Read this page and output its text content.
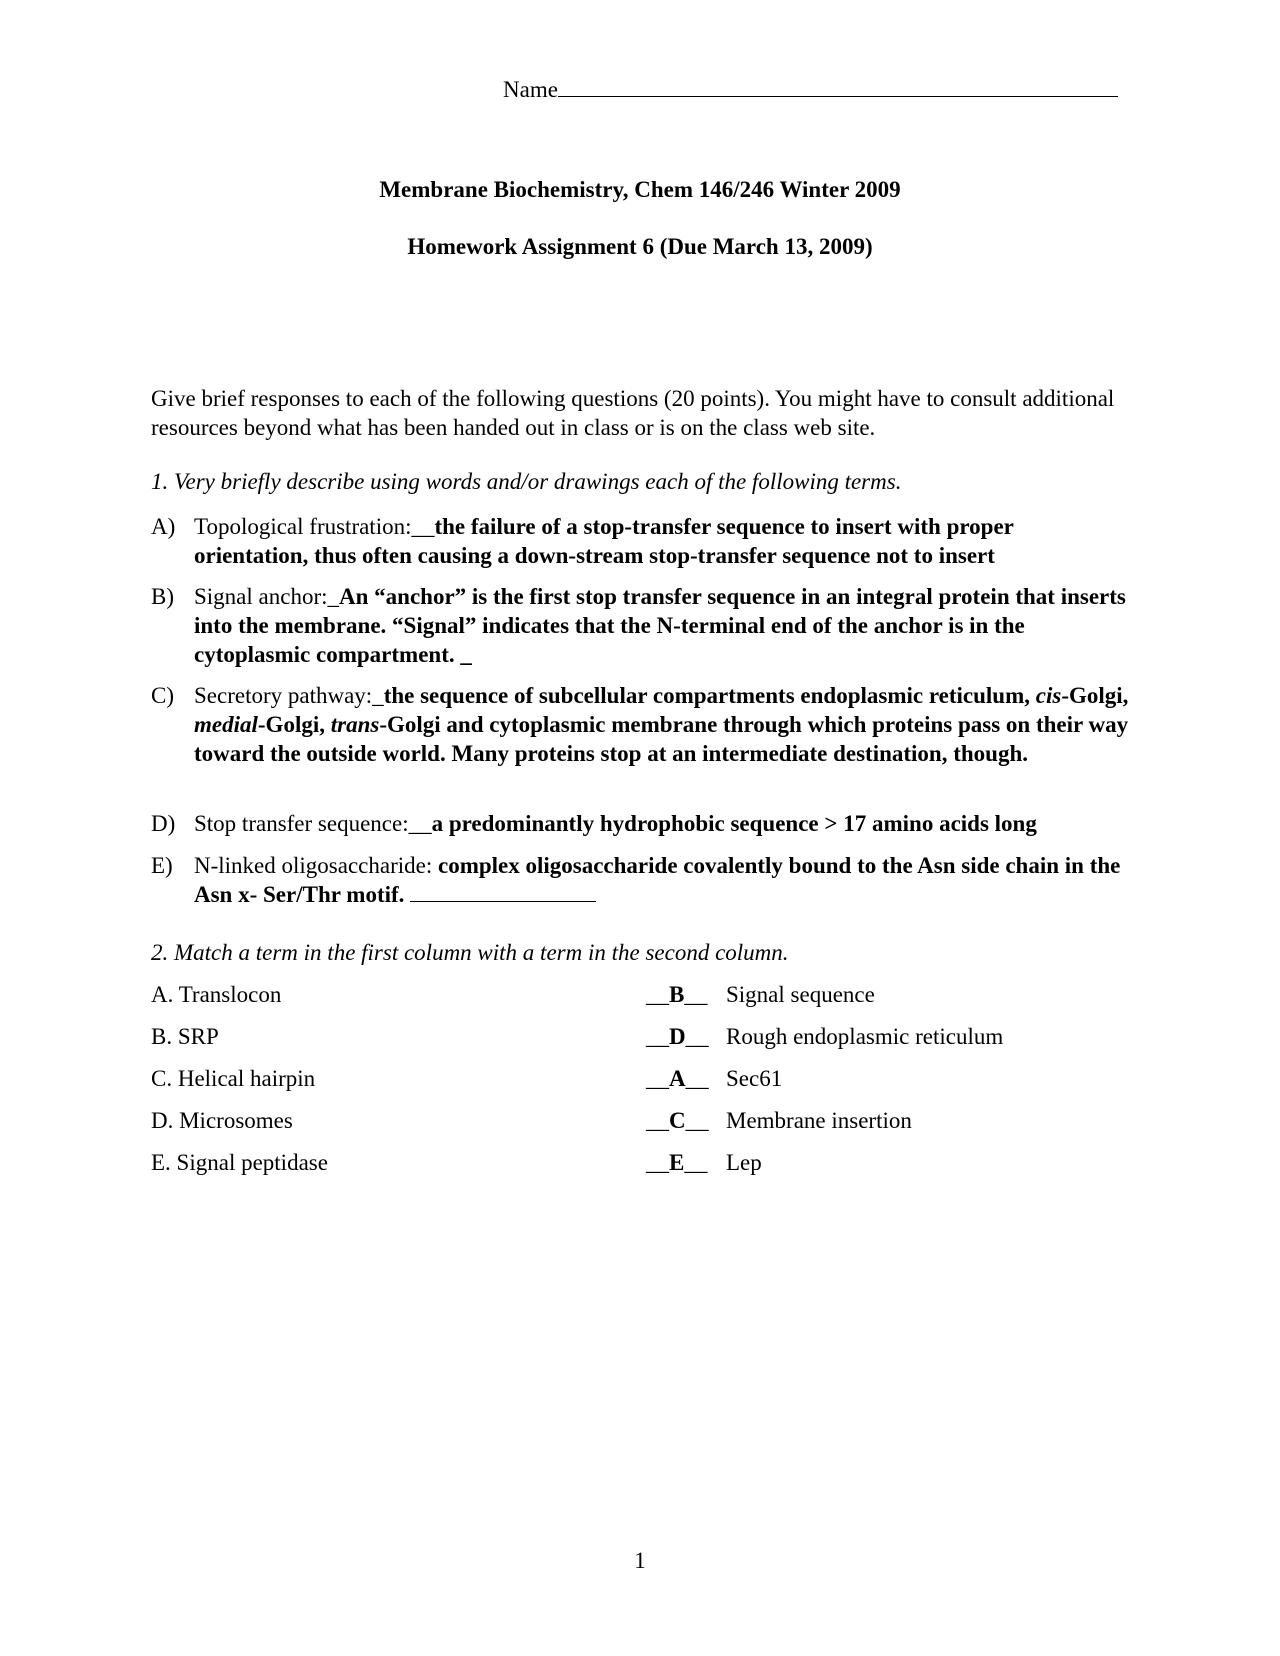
Name
Membrane Biochemistry, Chem 146/246 Winter 2009
Homework Assignment 6 (Due March 13, 2009)
Give brief responses to each of the following questions (20 points). You might have to consult additional resources beyond what has been handed out in class or is on the class web site.
1. Very briefly describe using words and/or drawings each of the following terms.
A) Topological frustration:__the failure of a stop-transfer sequence to insert with proper orientation, thus often causing a down-stream stop-transfer sequence not to insert
B) Signal anchor:_An “anchor” is the first stop transfer sequence in an integral protein that inserts into the membrane. “Signal” indicates that the N-terminal end of the anchor is in the cytoplasmic compartment. _
C) Secretory pathway:_the sequence of subcellular compartments endoplasmic reticulum, cis-Golgi, medial-Golgi, trans-Golgi and cytoplasmic membrane through which proteins pass on their way toward the outside world. Many proteins stop at an intermediate destination, though.
D) Stop transfer sequence:__a predominantly hydrophobic sequence > 17 amino acids long
E) N-linked oligosaccharide: complex oligosaccharide covalently bound to the Asn side chain in the Asn x- Ser/Thr motif.
2. Match a term in the first column with a term in the second column.
A. Translocon	__B__ Signal sequence
B. SRP	__D__ Rough endoplasmic reticulum
C. Helical hairpin	__A__ Sec61
D. Microsomes	__C__ Membrane insertion
E. Signal peptidase	__E__ Lep
1
